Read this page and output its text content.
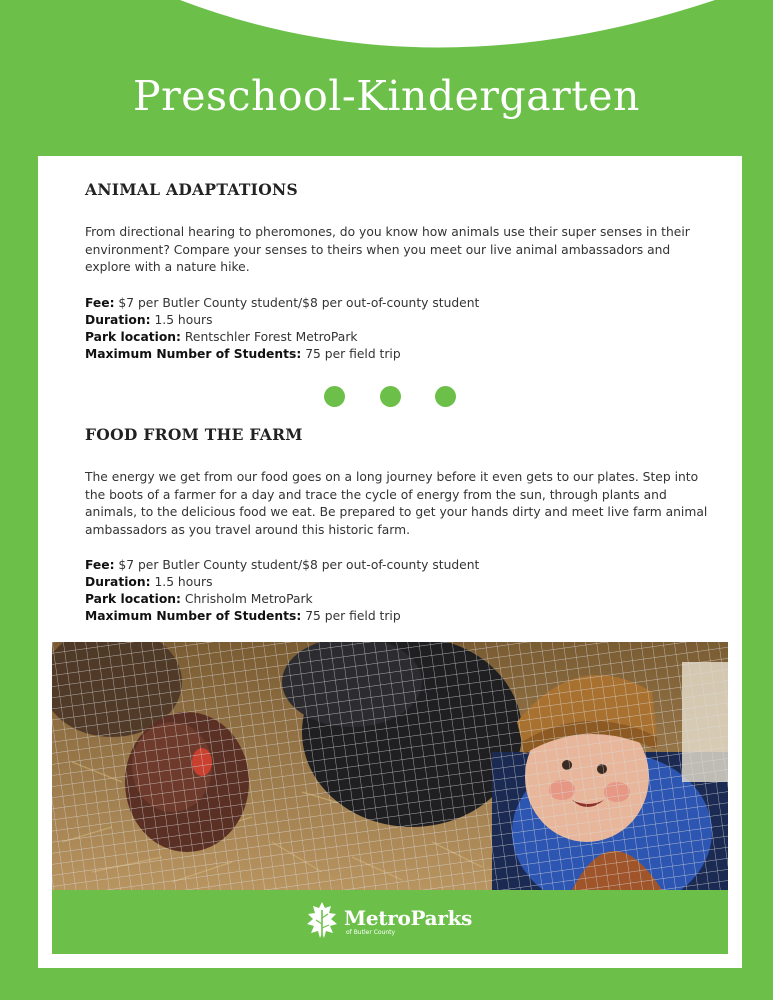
Preschool-Kindergarten
ANIMAL ADAPTATIONS

From directional hearing to pheromones, do you know how animals use their super senses in their environment? Compare your senses to theirs when you meet our live animal ambassadors and explore with a nature hike.

Fee: $7 per Butler County student/$8 per out-of-county student
Duration: 1.5 hours
Park location: Rentschler Forest MetroPark
Maximum Number of Students: 75 per field trip
FOOD FROM THE FARM

The energy we get from our food goes on a long journey before it even gets to our plates. Step into the boots of a farmer for a day and trace the cycle of energy from the sun, through plants and animals, to the delicious food we eat. Be prepared to get your hands dirty and meet live farm animal ambassadors as you travel around this historic farm.

Fee: $7 per Butler County student/$8 per out-of-county student
Duration: 1.5 hours
Park location: Chrisholm MetroPark
Maximum Number of Students: 75 per field trip
MetroParks
of Butler County
